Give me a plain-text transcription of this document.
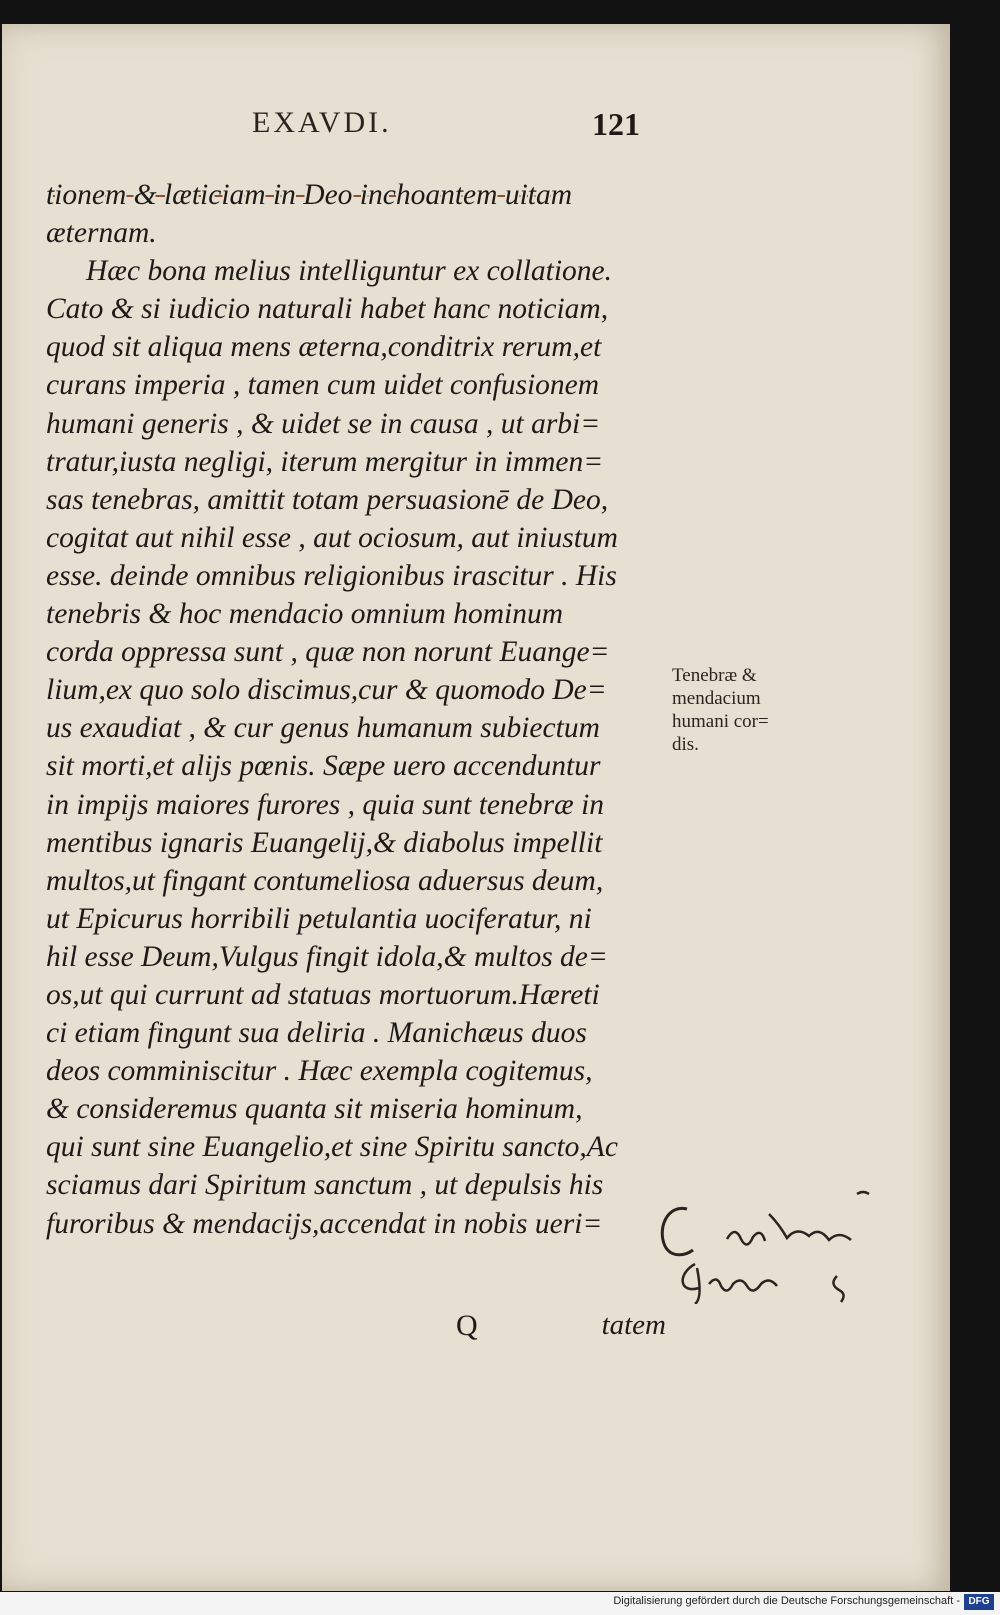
EXAVDI.	121
tionem & læticiam in Deo inchoantem uitam
æternam.
Hæc bona melius intelliguntur ex collatione.
Cato & si iudicio naturali habet hanc noticiam,
quod sit aliqua mens æterna,conditrix rerum,et
curans imperia , tamen cum uidet confusionem
humani generis , & uidet se in causa , ut arbi=
tratur,iusta negligi, iterum mergitur in immen=
sas tenebras, amittit totam persuasionē de Deo,
cogitat aut nihil esse , aut ociosum, aut iniustum
esse. deinde omnibus religionibus irascitur . His
tenebris & hoc mendacio omnium hominum
corda oppressa sunt , quæ non norunt Euange=
lium,ex quo solo discimus,cur & quomodo De=
us exaudiat , & cur genus humanum subiectum
sit morti,et alijs pœnis. Sæpe uero accenduntur
in impijs maiores furores , quia sunt tenebræ in
mentibus ignaris Euangelij,& diabolus impellit
multos,ut fingant contumeliosa aduersus deum,
ut Epicurus horribili petulantia uociferatur, ni
hil esse Deum,Vulgus fingit idola,& multos de=
os,ut qui currunt ad statuas mortuorum.Hæreti
ci etiam fingunt sua deliria . Manichæus duos
deos comminiscitur . Hæc exempla cogitemus,
& consideremus quanta sit miseria hominum,
qui sunt sine Euangelio,et sine Spiritu sancto,Ac
sciamus dari Spiritum sanctum , ut depulsis his
furoribus & mendacijs,accendat in nobis ueri=
Q	tatem
Tenebræ &
mendacium
humani cor=
dis.
Digitalisierung gefördert durch die Deutsche Forschungsgemeinschaft - DFG
